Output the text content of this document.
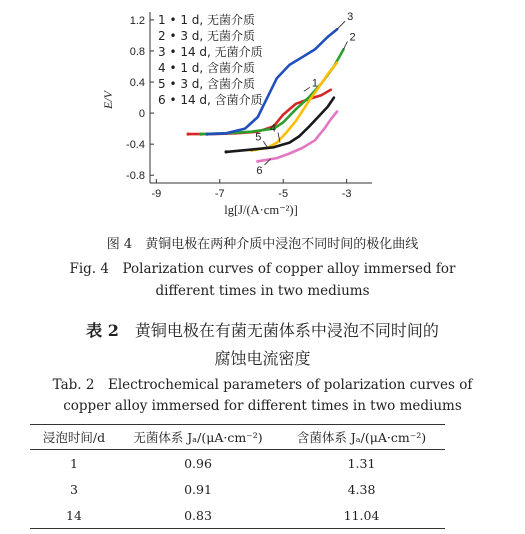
1.2
0.8
0.4
0
-0.4
-0.8
-9	-7	-5	-3
lg[J/(A·cm⁻²)]
E/V
1
2
3
4
5
6
1 • 1 d, 无菌介质
2 • 3 d, 无菌介质
3 • 14 d, 无菌介质
4 • 1 d, 含菌介质
5 • 3 d, 含菌介质
6 • 14 d, 含菌介质
图 4　黄铜电极在两种介质中浸泡不同时间的极化曲线
Fig. 4　Polarization curves of copper alloy immersed for
different times in two mediums
表 2　 黄铜电极在有菌无菌体系中浸泡不同时间的
腐蚀电流密度
Tab. 2　Electrochemical parameters of polarization curves of
copper alloy immersed for different times in two mediums
浸泡时间/d	无菌体系 Jₐ/(μA·cm⁻²)	含菌体系 Jₐ/(μA·cm⁻²)
1	0.96	1.31
3	0.91	4.38
14	0.83	11.04
